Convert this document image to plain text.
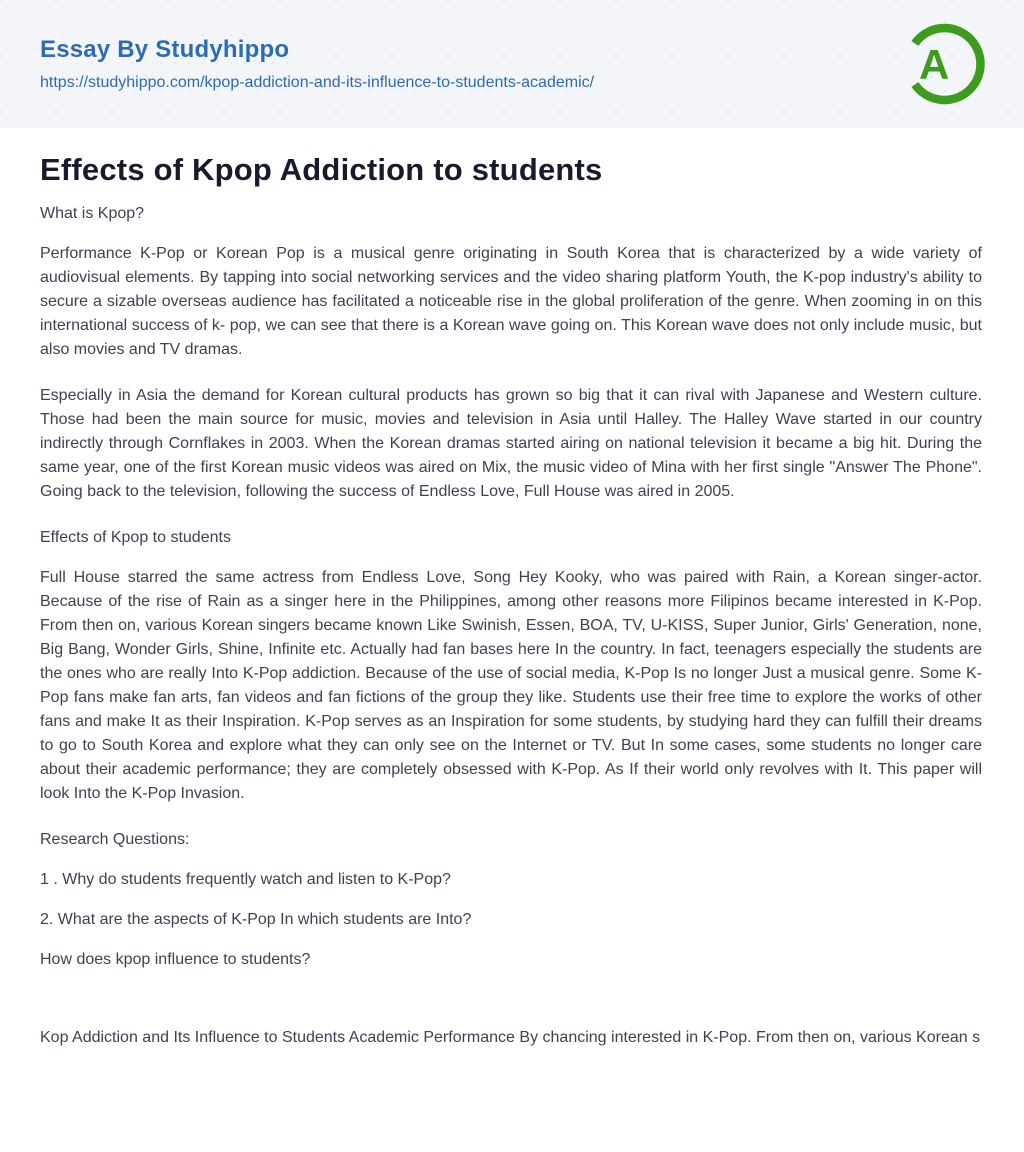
Essay By Studyhippo
https://studyhippo.com/kpop-addiction-and-its-influence-to-students-academic/	A
Effects of Kpop Addiction to students

What is Kpop?

Performance K-Pop or Korean Pop is a musical genre originating in South Korea that is characterized by a wide variety of audiovisual elements. By tapping into social networking services and the video sharing platform Youth, the K-pop industry's ability to secure a sizable overseas audience has facilitated a noticeable rise in the global proliferation of the genre. When zooming in on this international success of k- pop, we can see that there is a Korean wave going on. This Korean wave does not only include music, but also movies and TV dramas.

Especially in Asia the demand for Korean cultural products has grown so big that it can rival with Japanese and Western culture. Those had been the main source for music, movies and television in Asia until Halley. The Halley Wave started in our country indirectly through Cornflakes in 2003. When the Korean dramas started airing on national television it became a big hit. During the same year, one of the first Korean music videos was aired on Mix, the music video of Mina with her first single "Answer The Phone". Going back to the television, following the success of Endless Love, Full House was aired in 2005.

Effects of Kpop to students

Full House starred the same actress from Endless Love, Song Hey Kooky, who was paired with Rain, a Korean singer-actor. Because of the rise of Rain as a singer here in the Philippines, among other reasons more Filipinos became interested in K-Pop. From then on, various Korean singers became known Like Swinish, Essen, BOA, TV, U-KISS, Super Junior, Girls' Generation, none, Big Bang, Wonder Girls, Shine, Infinite etc. Actually had fan bases here In the country. In fact, teenagers especially the students are the ones who are really Into K-Pop addiction. Because of the use of social media, K-Pop Is no longer Just a musical genre. Some K-Pop fans make fan arts, fan videos and fan fictions of the group they like. Students use their free time to explore the works of other fans and make It as their Inspiration. K-Pop serves as an Inspiration for some students, by studying hard they can fulfill their dreams to go to South Korea and explore what they can only see on the Internet or TV. But In some cases, some students no longer care about their academic performance; they are completely obsessed with K-Pop. As If their world only revolves with It. This paper will look Into the K-Pop Invasion.

Research Questions:

1 . Why do students frequently watch and listen to K-Pop?

2. What are the aspects of K-Pop In which students are Into?

How does kpop influence to students?

Kop Addiction and Its Influence to Students Academic Performance By chancing interested in K-Pop. From then on, various Korean s
